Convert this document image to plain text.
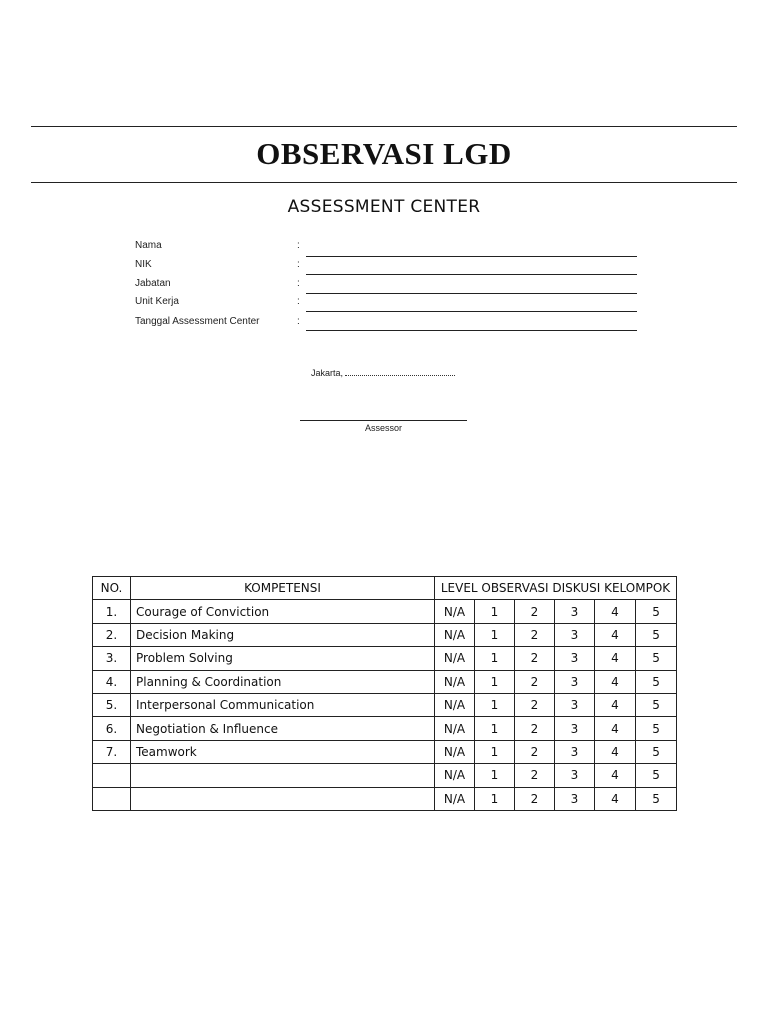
OBSERVASI LGD
ASSESSMENT CENTER
Nama	:
NIK	:
Jabatan	:
Unit Kerja	:
Tanggal Assessment Center	:
Jakarta,
Assessor
NO.	KOMPETENSI	LEVEL OBSERVASI DISKUSI KELOMPOK					
1.	Courage of Conviction	N/A	1	2	3	4	5
2.	Decision Making	N/A	1	2	3	4	5
3.	Problem Solving	N/A	1	2	3	4	5
4.	Planning & Coordination	N/A	1	2	3	4	5
5.	Interpersonal Communication	N/A	1	2	3	4	5
6.	Negotiation & Influence	N/A	1	2	3	4	5
7.	Teamwork	N/A	1	2	3	4	5
		N/A	1	2	3	4	5
		N/A	1	2	3	4	5
